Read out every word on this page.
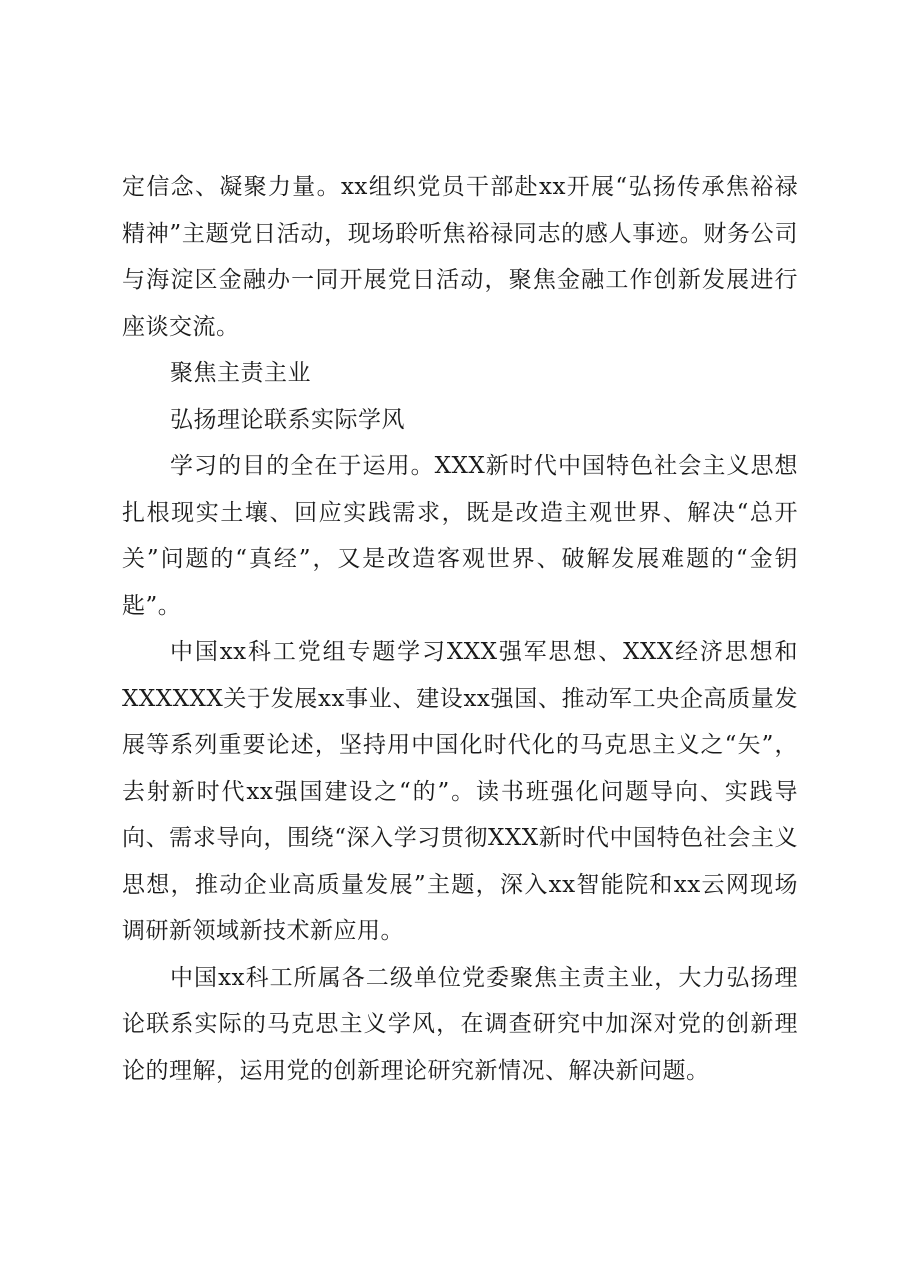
定信念、凝聚力量。xx组织党员干部赴xx开展“弘扬传承焦裕禄精神”主题党日活动，现场聆听焦裕禄同志的感人事迹。财务公司与海淀区金融办一同开展党日活动，聚焦金融工作创新发展进行座谈交流。

聚焦主责主业

弘扬理论联系实际学风

学习的目的全在于运用。XXX新时代中国特色社会主义思想扎根现实土壤、回应实践需求，既是改造主观世界、解决“总开关”问题的“真经”，又是改造客观世界、破解发展难题的“金钥匙”。

中国xx科工党组专题学习XXX强军思想、XXX经济思想和XXXXXX关于发展xx事业、建设xx强国、推动军工央企高质量发展等系列重要论述，坚持用中国化时代化的马克思主义之“矢”，去射新时代xx强国建设之“的”。读书班强化问题导向、实践导向、需求导向，围绕“深入学习贯彻XXX新时代中国特色社会主义思想，推动企业高质量发展”主题，深入xx智能院和xx云网现场调研新领域新技术新应用。

中国xx科工所属各二级单位党委聚焦主责主业，大力弘扬理论联系实际的马克思主义学风，在调查研究中加深对党的创新理论的理解，运用党的创新理论研究新情况、解决新问题。
